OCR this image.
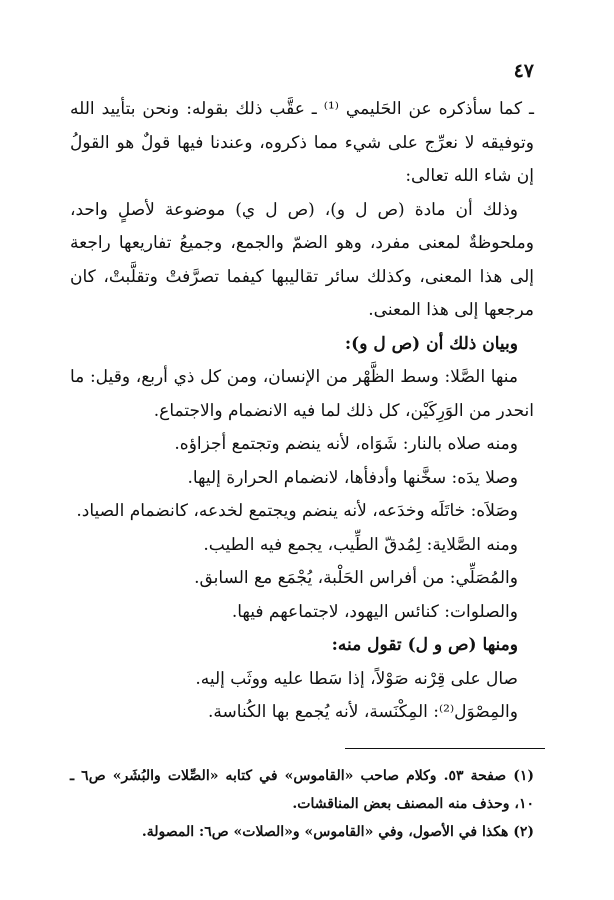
٤٧

ـ كما سأذكره عن الحَليمي ⁽¹⁾ ـ عقَّب ذلك بقوله: ونحن بتأييد الله وتوفيقه لا نعرِّج على شيء مما ذكروه، وعندنا فيها قولٌ هو القولُ إن شاء الله تعالى:

وذلك أن مادة (ص ل و)، (ص ل ي) موضوعة لأصلٍ واحد، وملحوظةٌ لمعنى مفرد، وهو الضمّ والجمع، وجميعُ تفاريعها راجعة إلى هذا المعنى، وكذلك سائر تقاليبها كيفما تصرَّفتْ وتقلَّبتْ، كان مرجعها إلى هذا المعنى.

وبيان ذلك أن (ص ل و):

منها الصَّلا: وسط الظَّهْر من الإنسان، ومن كل ذي أربع، وقيل: ما انحدر من الوَرِكَيْن، كل ذلك لما فيه الانضمام والاجتماع.

ومنه صلاه بالنار: شَوَاه، لأنه ينضم وتجتمع أجزاؤه.

وصلا يدَه: سخَّنها وأدفأها، لانضمام الحرارة إليها.

وصَلاَه: خاتَلَه وخدَعه، لأنه ينضم ويجتمع لخدعه، كانضمام الصياد.

ومنه الصَّلاية: لِمُدقّ الطِّيب، يجمع فيه الطيب.

والمُصَلِّي: من أفراس الحَلْبة، يُجْمَع مع السابق.

والصلوات: كنائس اليهود، لاجتماعهم فيها.

ومنها (ص و ل) تقول منه:

صال على قِرْنه صَوْلاً، إذا سَطا عليه ووثَب إليه.

والمِصْوَل⁽²⁾: المِكْنَسة، لأنه يُجمع بها الكُناسة.

(١) صفحة ٥٣. وكلام صاحب «القاموس» في كتابه «الصِّلات والبُشَر» ص٦ ـ ١٠، وحذف منه المصنف بعض المناقشات.

(٢) هكذا في الأصول، وفي «القاموس» و«الصلات» ص٦: المصولة.
